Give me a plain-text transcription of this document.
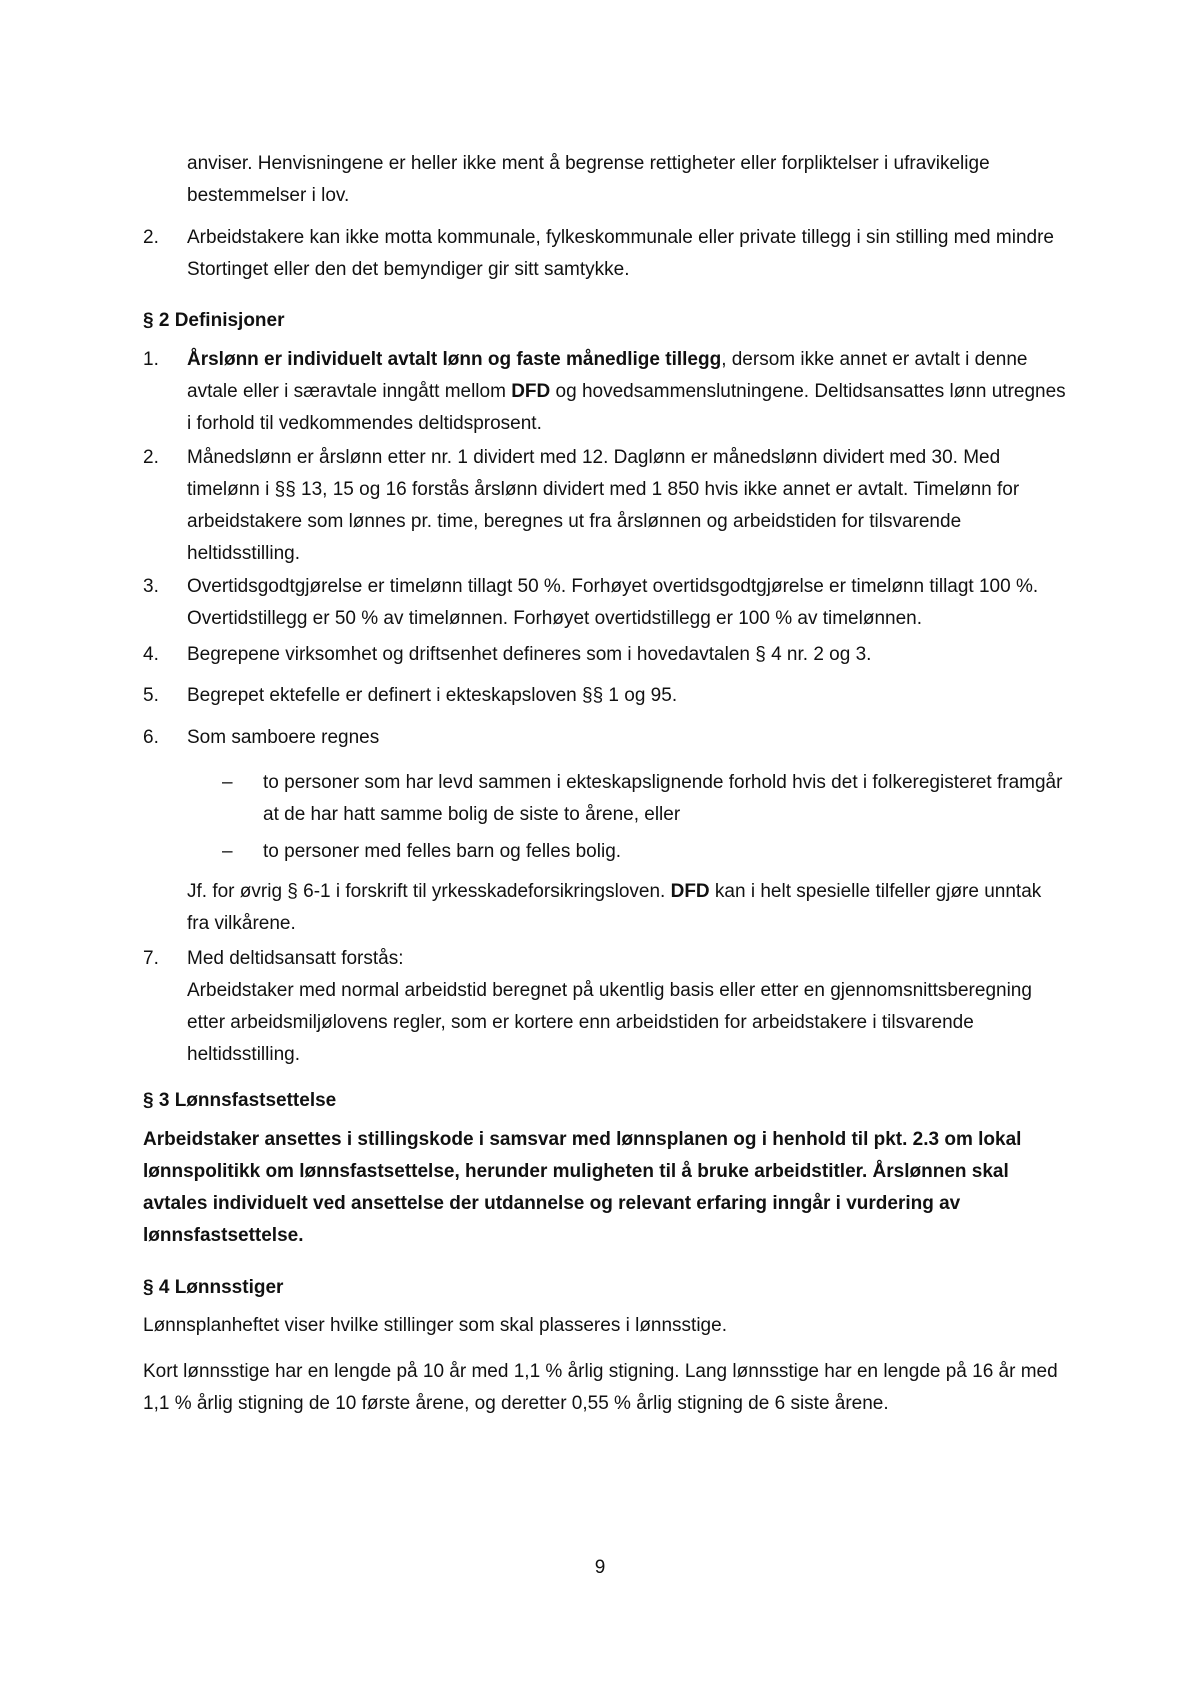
anviser. Henvisningene er heller ikke ment å begrense rettigheter eller forpliktelser i ufravikelige bestemmelser i lov.

2. Arbeidstakere kan ikke motta kommunale, fylkeskommunale eller private tillegg i sin stilling med mindre Stortinget eller den det bemyndiger gir sitt samtykke.

§ 2 Definisjoner
1. Årslønn er individuelt avtalt lønn og faste månedlige tillegg, dersom ikke annet er avtalt i denne avtale eller i særavtale inngått mellom DFD og hovedsammenslutningene. Deltidsansattes lønn utregnes i forhold til vedkommendes deltidsprosent.

2. Månedslønn er årslønn etter nr. 1 dividert med 12. Daglønn er månedslønn dividert med 30. Med timelønn i §§ 13, 15 og 16 forstås årslønn dividert med 1 850 hvis ikke annet er avtalt. Timelønn for arbeidstakere som lønnes pr. time, beregnes ut fra årslønnen og arbeidstiden for tilsvarende heltidsstilling.

3. Overtidsgodtgjørelse er timelønn tillagt 50 %. Forhøyet overtidsgodtgjørelse er timelønn tillagt 100 %. Overtidstillegg er 50 % av timelønnen. Forhøyet overtidstillegg er 100 % av timelønnen.

4. Begrepene virksomhet og driftsenhet defineres som i hovedavtalen § 4 nr. 2 og 3.

5. Begrepet ektefelle er definert i ekteskapsloven §§ 1 og 95.

6. Som samboere regnes

– to personer som har levd sammen i ekteskapslignende forhold hvis det i folkeregisteret framgår at de har hatt samme bolig de siste to årene, eller
– to personer med felles barn og felles bolig.

Jf. for øvrig § 6-1 i forskrift til yrkesskadeforsikringsloven. DFD kan i helt spesielle tilfeller gjøre unntak fra vilkårene.

7. Med deltidsansatt forstås:

Arbeidstaker med normal arbeidstid beregnet på ukentlig basis eller etter en gjennomsnittsberegning etter arbeidsmiljølovens regler, som er kortere enn arbeidstiden for arbeidstakere i tilsvarende heltidsstilling.

§ 3 Lønnsfastsettelse
Arbeidstaker ansettes i stillingskode i samsvar med lønnsplanen og i henhold til pkt. 2.3 om lokal lønnspolitikk om lønnsfastsettelse, herunder muligheten til å bruke arbeidstitler. Årslønnen skal avtales individuelt ved ansettelse der utdannelse og relevant erfaring inngår i vurdering av lønnsfastsettelse.
§ 4 Lønnsstiger
Lønnsplanheftet viser hvilke stillinger som skal plasseres i lønnsstige.
Kort lønnsstige har en lengde på 10 år med 1,1 % årlig stigning. Lang lønnsstige har en lengde på 16 år med 1,1 % årlig stigning de 10 første årene, og deretter 0,55 % årlig stigning de 6 siste årene.
9
